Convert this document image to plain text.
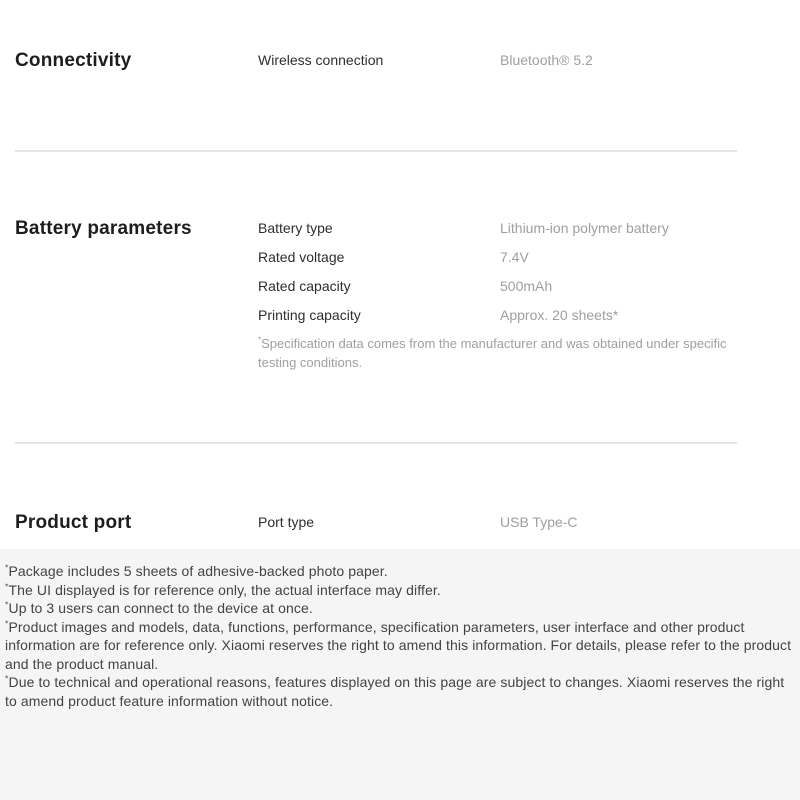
Connectivity	Wireless connection	Bluetooth® 5.2
Battery parameters	Battery type	Lithium-ion polymer battery
Rated voltage	7.4V
Rated capacity	500mAh
Printing capacity	Approx. 20 sheets*

*Specification data comes from the manufacturer and was obtained under specific testing conditions.

Product port	Port type	USB Type-C

*Package includes 5 sheets of adhesive-backed photo paper.

*The UI displayed is for reference only, the actual interface may differ.

*Up to 3 users can connect to the device at once.

*Product images and models, data, functions, performance, specification parameters, user interface and other product information are for reference only. Xiaomi reserves the right to amend this information. For details, please refer to the product and the product manual.

*Due to technical and operational reasons, features displayed on this page are subject to changes. Xiaomi reserves the right to amend product feature information without notice.
